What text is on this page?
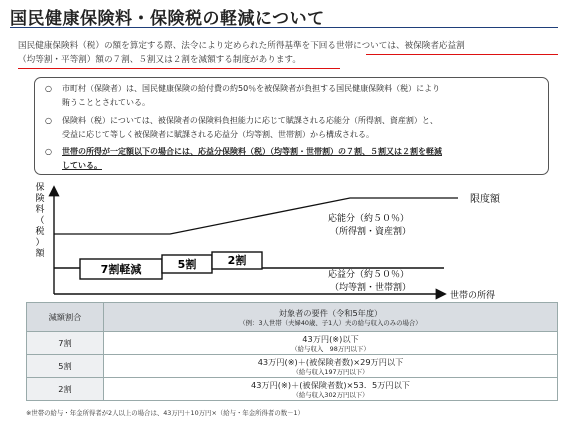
国民健康保険料・保険税の軽減について
国民健康保険料（税）の額を算定する際、法令により定められた所得基準を下回る世帯については、被保険者応益割
（均等割・平等割）額の７割、５割又は２割を減額する制度があります。
○	市町村（保険者）は、国民健康保険の給付費の約50％を被保険者が負担する国民健康保険料（税）により
賄うこととされている。
○	保険料（税）については、被保険者の保険料負担能力に応じて賦課される応能分（所得割、資産割）と、
受益に応じて等しく被保険者に賦課される応益分（均等割、世帯割）から構成される。
○	世帯の所得が一定額以下の場合には、応益分保険料（税）（均等割・世帯割）の７割、５割又は２割を軽減
している。
保
険
料
（
税
）
額
7割軽減	5割	2割
限度額
応能分（約５０％）
（所得割・資産割）
応益分（約５０％）
（均等割・世帯割）
世帯の所得
減額割合	対象者の要件（令和5年度）
（例：3人世帯（夫婦40歳、子1人）夫の給与収入のみの場合）

7割	43万円(※)以下
（給与収入　98万円以下）

5割	43万円(※)＋(被保険者数)×29万円以下
（給与収入197万円以下）

2割	43万円(※)＋(被保険者数)×53．5万円以下
（給与収入302万円以下）
※世帯の給与・年金所得者が2人以上の場合は、43万円＋10万円×（給与・年金所得者の数－1）
